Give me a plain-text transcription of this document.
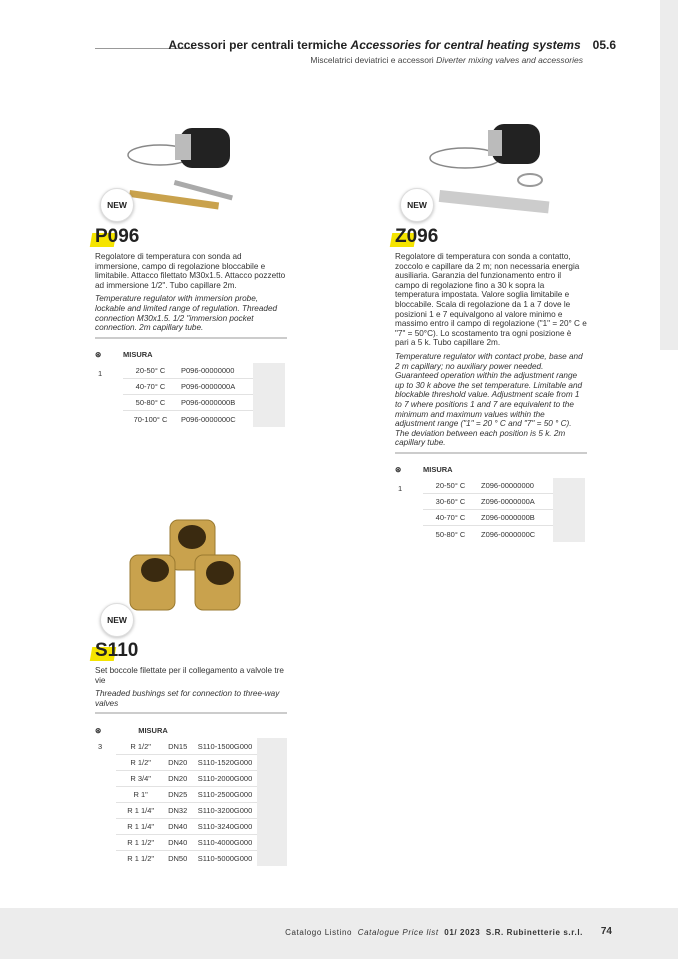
Accessori per centrali termiche Accessories for central heating systems 05.6
Miscelatrici deviatrici e accessori Diverter mixing valves and accessories
NEW	NEW
NEW
P096
Regolatore di temperatura con sonda ad immersione, campo di regolazione bloccabile e limitabile. Attacco filettato M30x1.5. Attacco pozzetto ad immersione 1/2". Tubo capillare 2m.
Temperature regulator with immersion probe, lockable and limited range of regulation. Threaded connection M30x1.5. 1/2 "immersion pocket connection. 2m capillary tube.
⊛	MISURA		
1	20-50° C	P096-00000000	
	40-70° C	P096-0000000A	
	50-80° C	P096-0000000B	
	70-100° C	P096-0000000C	
Z096
Regolatore di temperatura con sonda a contatto, zoccolo e capillare da 2 m; non necessaria energia ausiliaria. Garanzia del funzionamento entro il campo di regolazione fino a 30 k sopra la temperatura impostata. Valore soglia limitabile e bloccabile. Scala di regolazione da 1 a 7 dove le posizioni 1 e 7 equivalgono al valore minimo e massimo entro il campo di regolazione ("1" = 20° C e "7" = 50°C). Lo scostamento tra ogni posizione è pari a 5 k. Tubo capillare 2m.
Temperature regulator with contact probe, base and 2 m capillary; no auxiliary power needed. Guaranteed operation within the adjustment range up to 30 k above the set temperature. Limitable and blockable threshold value. Adjustment scale from 1 to 7 where positions 1 and 7 are equivalent to the minimum and maximum values within the adjustment range ("1" = 20 ° C and "7" = 50 ° C). The deviation between each position is 5 k. 2m capillary tube.
⊛	MISURA		
1	20-50° C	Z096-00000000	
	30-60° C	Z096-0000000A	
	40-70° C	Z096-0000000B	
	50-80° C	Z096-0000000C	
S110
Set boccole filettate per il collegamento a valvole tre vie
Threaded bushings set for connection to three-way valves
⊛	MISURA			
3	R 1/2"	DN15	S110-1500G000	
	R 1/2"	DN20	S110-1520G000	
	R 3/4"	DN20	S110-2000G000	
	R 1"	DN25	S110-2500G000	
	R 1 1/4"	DN32	S110-3200G000	
	R 1 1/4"	DN40	S110-3240G000	
	R 1 1/2"	DN40	S110-4000G000	
	R 1 1/2"	DN50	S110-5000G000	
Catalogo Listino Catalogue Price list 01/ 2023 S.R. Rubinetterie s.r.l. 74
